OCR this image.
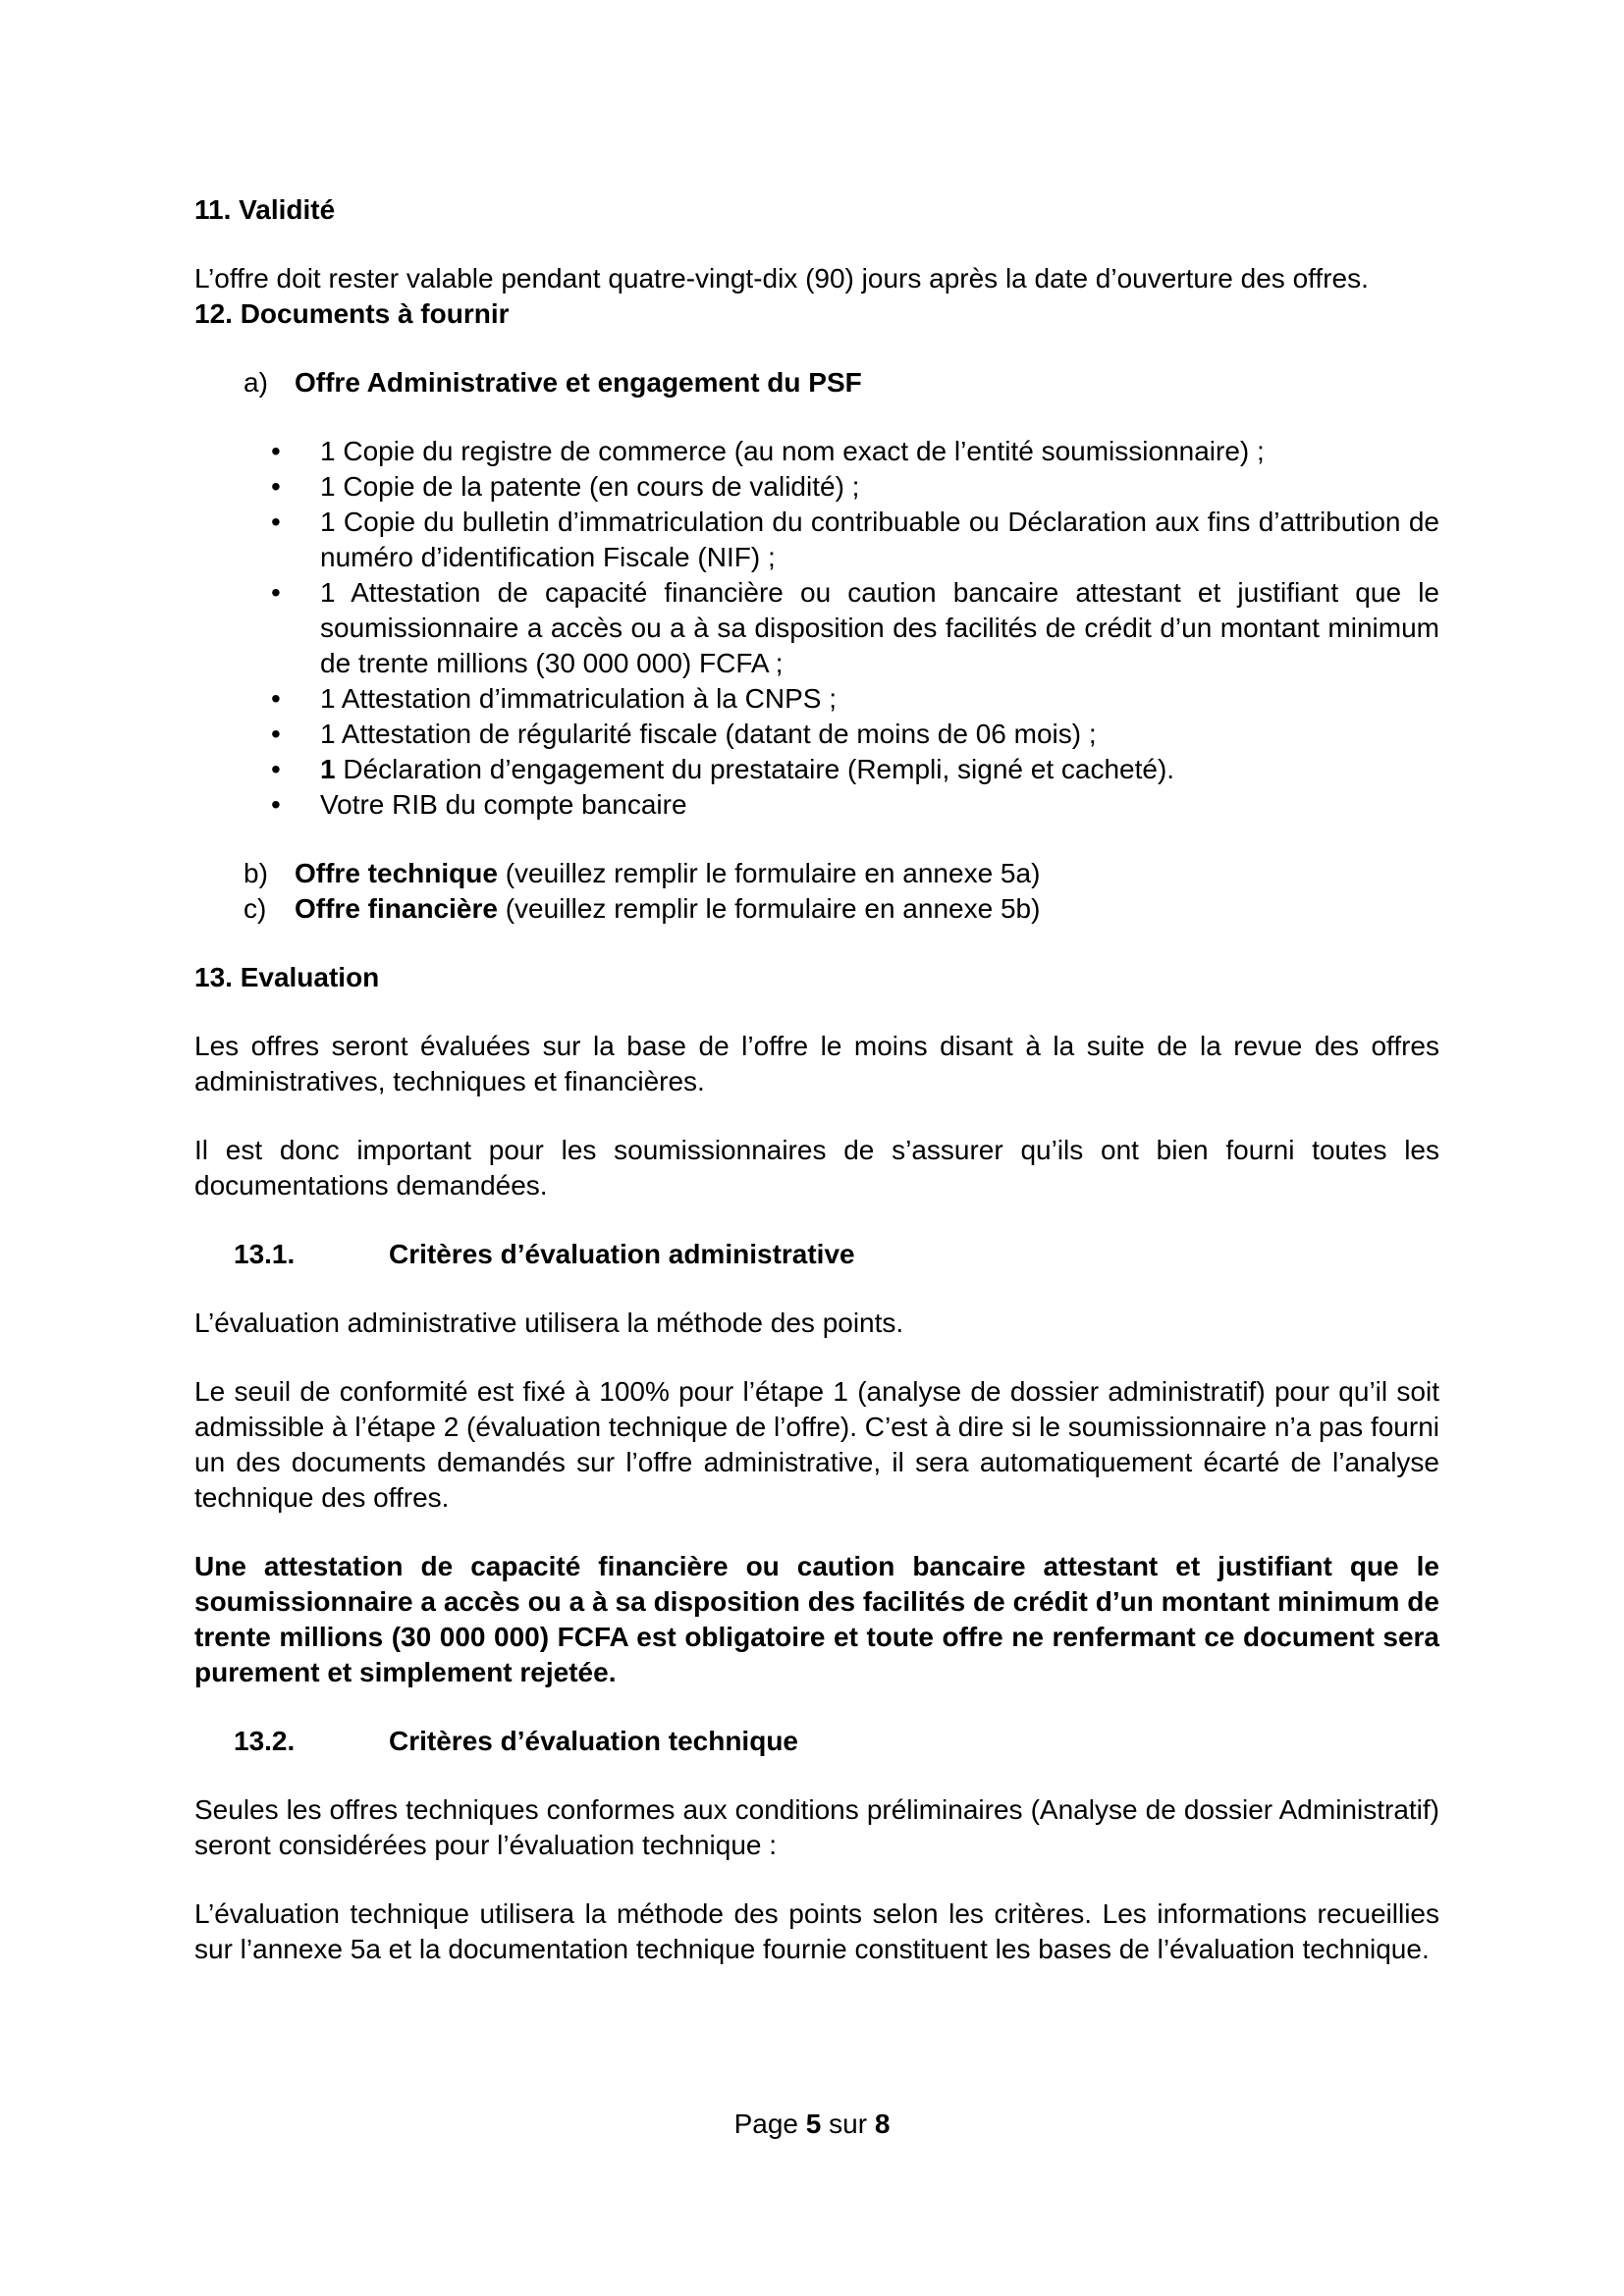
11. Validité

L’offre doit rester valable pendant quatre-vingt-dix (90) jours après la date d’ouverture des offres.

12. Documents à fournir

a) Offre Administrative et engagement du PSF
• 1 Copie du registre de commerce (au nom exact de l’entité soumissionnaire) ;
• 1 Copie de la patente (en cours de validité) ;
• 1 Copie du bulletin d’immatriculation du contribuable ou Déclaration aux fins d’attribution de numéro d’identification Fiscale (NIF) ;
• 1 Attestation de capacité financière ou caution bancaire attestant et justifiant que le soumissionnaire a accès ou a à sa disposition des facilités de crédit d’un montant minimum de trente millions (30 000 000) FCFA ;
• 1 Attestation d’immatriculation à la CNPS ;
• 1 Attestation de régularité fiscale (datant de moins de 06 mois) ;
• 1 Déclaration d’engagement du prestataire (Rempli, signé et cacheté).
• Votre RIB du compte bancaire
b) Offre technique (veuillez remplir le formulaire en annexe 5a)
c)	Offre financière (veuillez remplir le formulaire en annexe 5b)

13. Evaluation

Les offres seront évaluées sur la base de l’offre le moins disant à la suite de la revue des offres administratives, techniques et financières.

Il est donc important pour les soumissionnaires de s’assurer qu’ils ont bien fourni toutes les documentations demandées.

13.1.	Critères d’évaluation administrative

L’évaluation administrative utilisera la méthode des points.

Le seuil de conformité est fixé à 100% pour l’étape 1 (analyse de dossier administratif) pour qu’il soit admissible à l’étape 2 (évaluation technique de l’offre). C’est à dire si le soumissionnaire n’a pas fourni un des documents demandés sur l’offre administrative, il sera automatiquement écarté de l’analyse technique des offres.

Une attestation de capacité financière ou caution bancaire attestant et justifiant que le soumissionnaire a accès ou a à sa disposition des facilités de crédit d’un montant minimum de trente millions (30 000 000) FCFA est obligatoire et toute offre ne renfermant ce document sera purement et simplement rejetée.

13.2.	Critères d’évaluation technique

Seules les offres techniques conformes aux conditions préliminaires (Analyse de dossier Administratif) seront considérées pour l’évaluation technique :

L’évaluation technique utilisera la méthode des points selon les critères. Les informations recueillies sur l’annexe 5a et la documentation technique fournie constituent les bases de l’évaluation technique.

Page 5 sur 8
